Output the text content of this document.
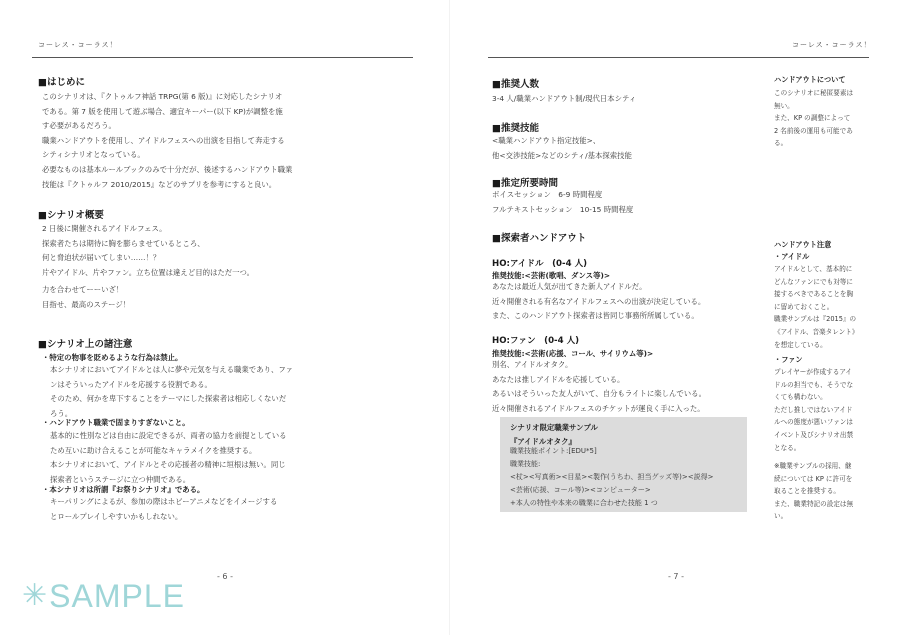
コーレス・コーラス！
■はじめに
このシナリオは、『クトゥルフ神話 TRPG(第 6 版)』に対応したシナリオ
である。第 7 版を使用して遊ぶ場合、適宜キーパー(以下 KP)が調整を施
す必要があるだろう。
職業ハンドアウトを使用し、アイドルフェスへの出演を目指して奔走する
シティシナリオとなっている。
必要なものは基本ルールブックのみで十分だが、後述するハンドアウト職業
技能は『クトゥルフ 2010/2015』などのサプリを参考にすると良い。
■シナリオ概要
2 日後に開催されるアイドルフェス。
探索者たちは期待に胸を膨らませているところ、
何と脅迫状が届いてしまい……！？
片やアイドル、片やファン。立ち位置は違えど目的はただ一つ。
力を合わせてーーいざ！
目指せ、最高のステージ！
■シナリオ上の諸注意
・特定の物事を貶めるような行為は禁止。
本シナリオにおいてアイドルとは人に夢や元気を与える職業であり、ファ
ンはそういったアイドルを応援する役割である。
そのため、何かを卑下することをテーマにした探索者は相応しくないだ
ろう。
・ハンドアウト職業で固まりすぎないこと。
基本的に性別などは自由に設定できるが、両者の協力を前提としている
ため互いに助け合えることが可能なキャラメイクを推奨する。
本シナリオにおいて、アイドルとその応援者の精神に垣根は無い。同じ
探索者というステージに立つ仲間である。
・本シナリオは所謂『お祭りシナリオ』である。
キーパリングによるが、参加の際はホビーアニメなどをイメージする
とロールプレイしやすいかもしれない。
- 6 -
✳ SAMPLE
コーレス・コーラス！
■推奨人数
3-4 人/職業ハンドアウト制/現代日本シティ
■推奨技能
<職業ハンドアウト指定技能>、
他<交渉技能>などのシティ/基本探索技能
■推定所要時間
ボイスセッション　6-9 時間程度
フルテキストセッション　10-15 時間程度
■探索者ハンドアウト
HO:アイドル　(0-4 人)
推奨技能:<芸術(歌唱、ダンス等)>
あなたは最近人気が出てきた新人アイドルだ。
近々開催される有名なアイドルフェスへの出演が決定している。
また、このハンドアウト探索者は皆同じ事務所所属している。
HO:ファン　(0-4 人)
推奨技能:<芸術(応援、コール、サイリウム等)>
別名、アイドルオタク。
あなたは推しアイドルを応援している。
あるいはそういった友人がいて、自分もライトに楽しんでいる。
近々開催されるアイドルフェスのチケットが運良く手に入った。
シナリオ限定職業サンプル
『アイドルオタク』
職業技能ポイント:[EDU*5]
職業技能:
<杖><写真術><目星><製作(うちわ、担当グッズ等)><説得>
<芸術(応援、コール等)><コンピューター>
+本人の特性や本来の職業に合わせた技能 1 つ
ハンドアウトについて
このシナリオに秘匿要素は
無い。
また、KP の調整によって
2 名前後の運用も可能であ
る。
ハンドアウト注意
・アイドル
アイドルとして、基本的に
どんなファンにでも対等に
接するべきであることを胸
に留めておくこと。
職業サンプルは『2015』の
《アイドル、音楽タレント》
を想定している。
・ファン
プレイヤーが作成するアイ
ドルの担当でも、そうでな
くても構わない。
ただし推しではないアイド
ルへの態度が悪いファンは
イベント及びシナリオ出禁
となる。
※職業サンプルの採用、継
続については KP に許可を
取ることを推奨する。
また、職業特記の設定は無
い。
- 7 -
